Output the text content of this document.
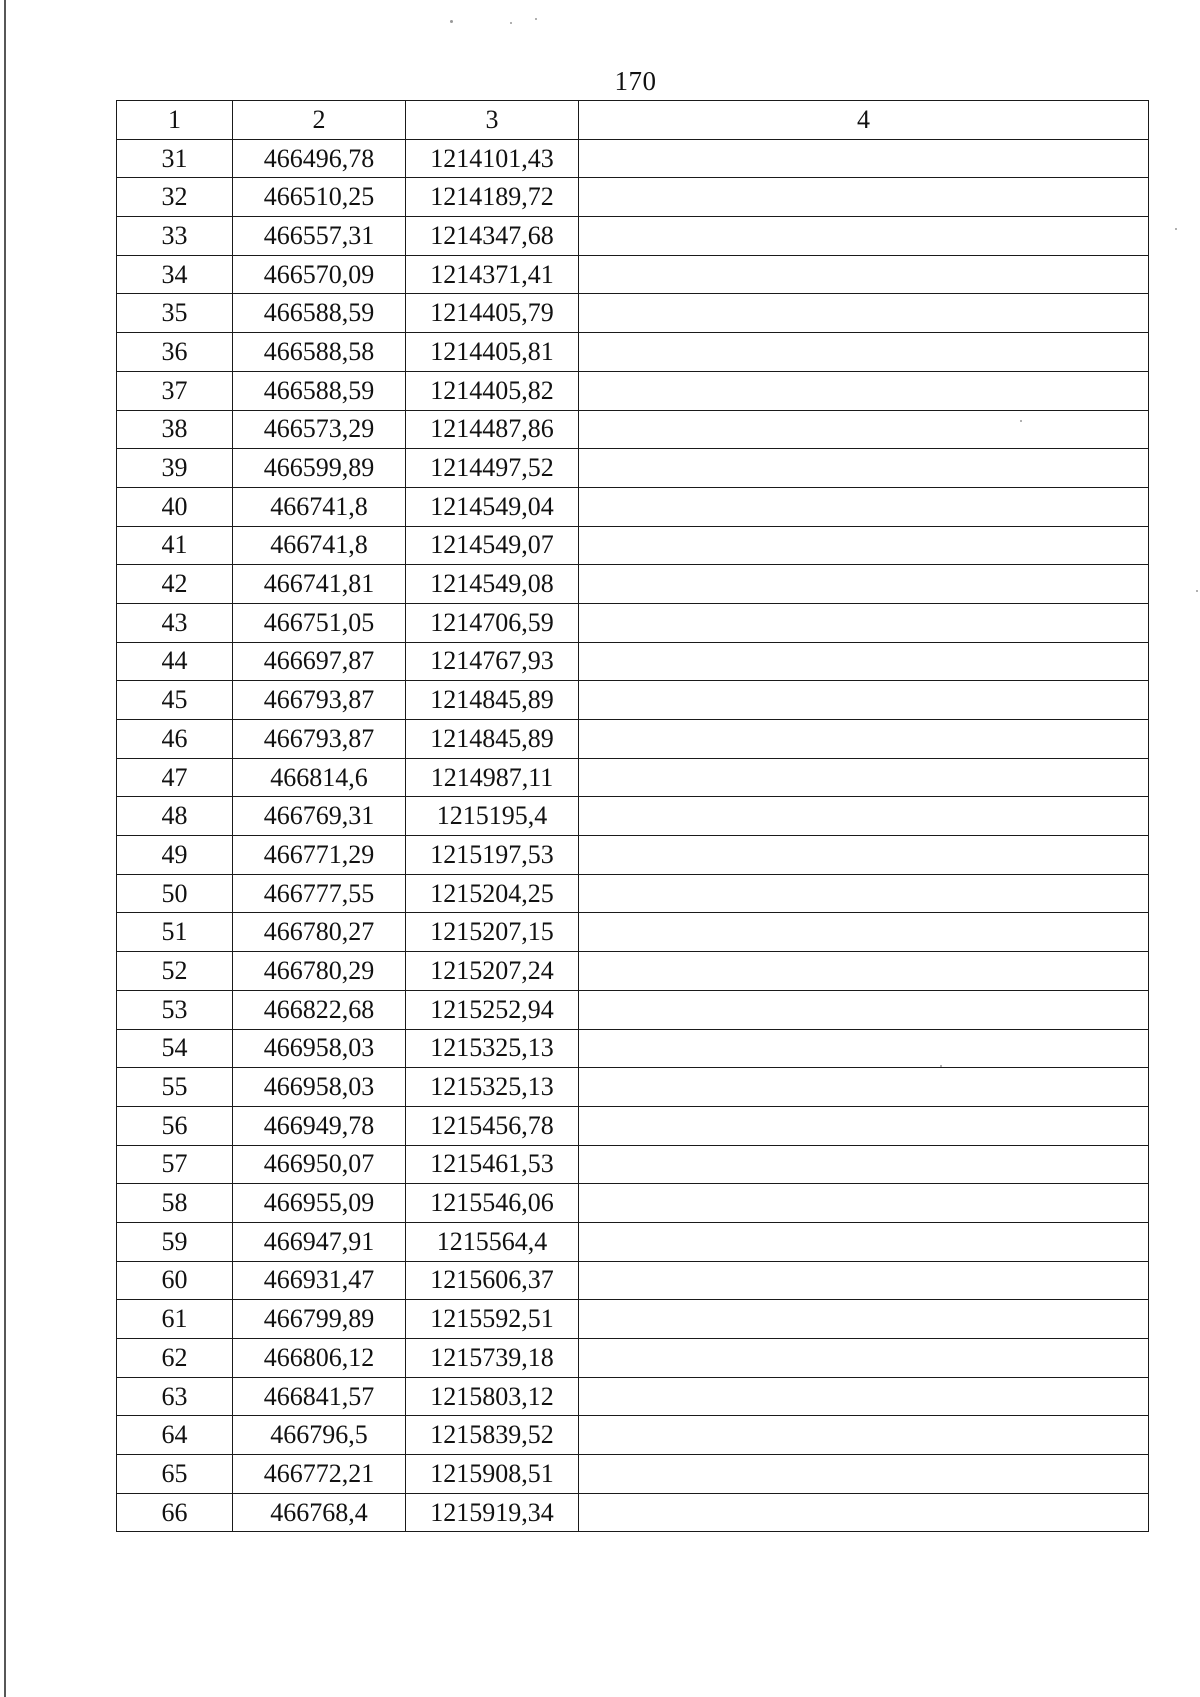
170
1	2	3	4
31	466496,78	1214101,43	
32	466510,25	1214189,72	
33	466557,31	1214347,68	
34	466570,09	1214371,41	
35	466588,59	1214405,79	
36	466588,58	1214405,81	
37	466588,59	1214405,82	
38	466573,29	1214487,86	
39	466599,89	1214497,52	
40	466741,8	1214549,04	
41	466741,8	1214549,07	
42	466741,81	1214549,08	
43	466751,05	1214706,59	
44	466697,87	1214767,93	
45	466793,87	1214845,89	
46	466793,87	1214845,89	
47	466814,6	1214987,11	
48	466769,31	1215195,4	
49	466771,29	1215197,53	
50	466777,55	1215204,25	
51	466780,27	1215207,15	
52	466780,29	1215207,24	
53	466822,68	1215252,94	
54	466958,03	1215325,13	
55	466958,03	1215325,13	
56	466949,78	1215456,78	
57	466950,07	1215461,53	
58	466955,09	1215546,06	
59	466947,91	1215564,4	
60	466931,47	1215606,37	
61	466799,89	1215592,51	
62	466806,12	1215739,18	
63	466841,57	1215803,12	
64	466796,5	1215839,52	
65	466772,21	1215908,51	
66	466768,4	1215919,34	
